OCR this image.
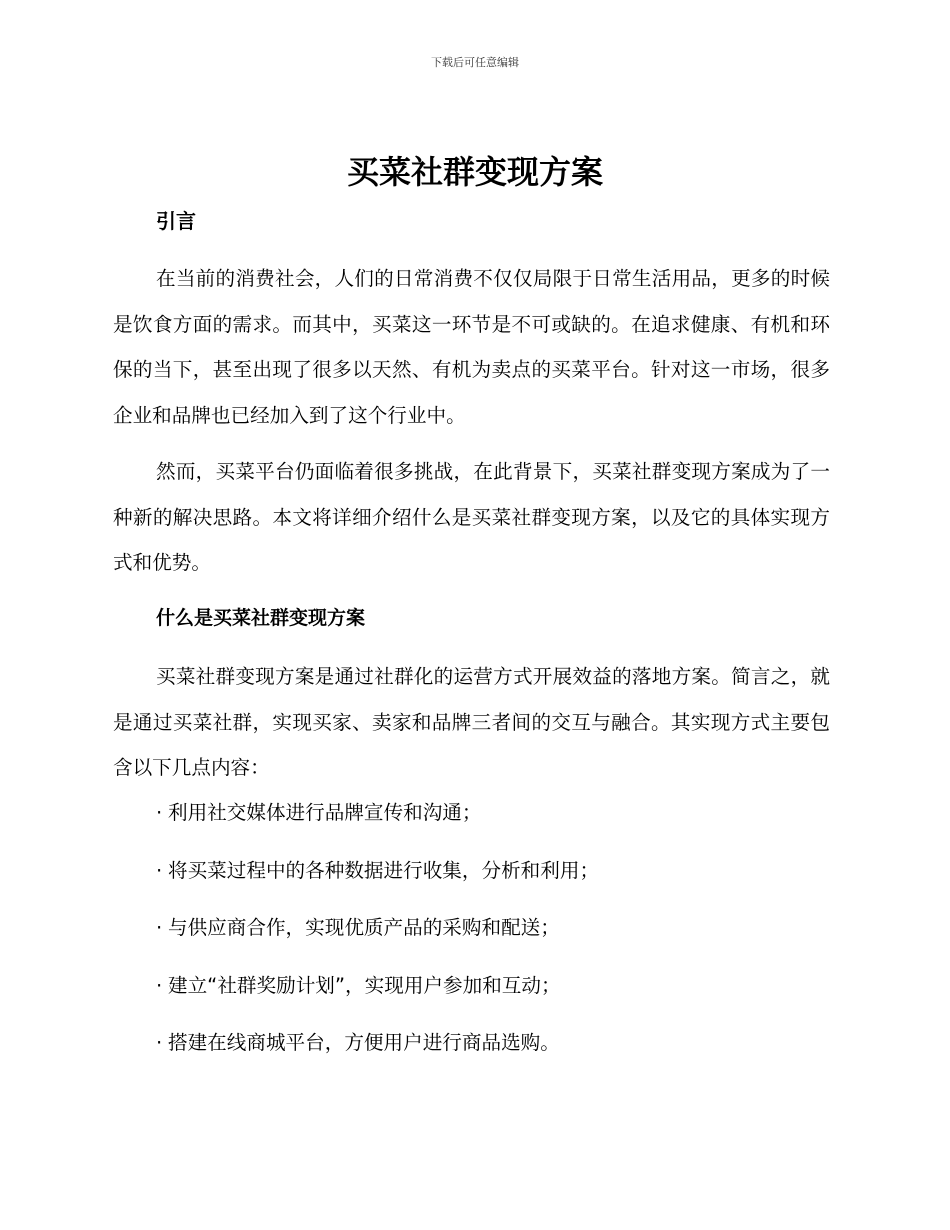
下载后可任意编辑
买菜社群变现方案
引言

在当前的消费社会，人们的日常消费不仅仅局限于日常生活用品，更多的时候是饮食方面的需求。而其中，买菜这一环节是不可或缺的。在追求健康、有机和环保的当下，甚至出现了很多以天然、有机为卖点的买菜平台。针对这一市场，很多企业和品牌也已经加入到了这个行业中。

然而，买菜平台仍面临着很多挑战，在此背景下，买菜社群变现方案成为了一种新的解决思路。本文将详细介绍什么是买菜社群变现方案，以及它的具体实现方式和优势。

什么是买菜社群变现方案

买菜社群变现方案是通过社群化的运营方式开展效益的落地方案。简言之，就是通过买菜社群，实现买家、卖家和品牌三者间的交互与融合。其实现方式主要包含以下几点内容：

· 利用社交媒体进行品牌宣传和沟通；
· 将买菜过程中的各种数据进行收集，分析和利用；
· 与供应商合作，实现优质产品的采购和配送；
· 建立“社群奖励计划”，实现用户参加和互动；
· 搭建在线商城平台，方便用户进行商品选购。
